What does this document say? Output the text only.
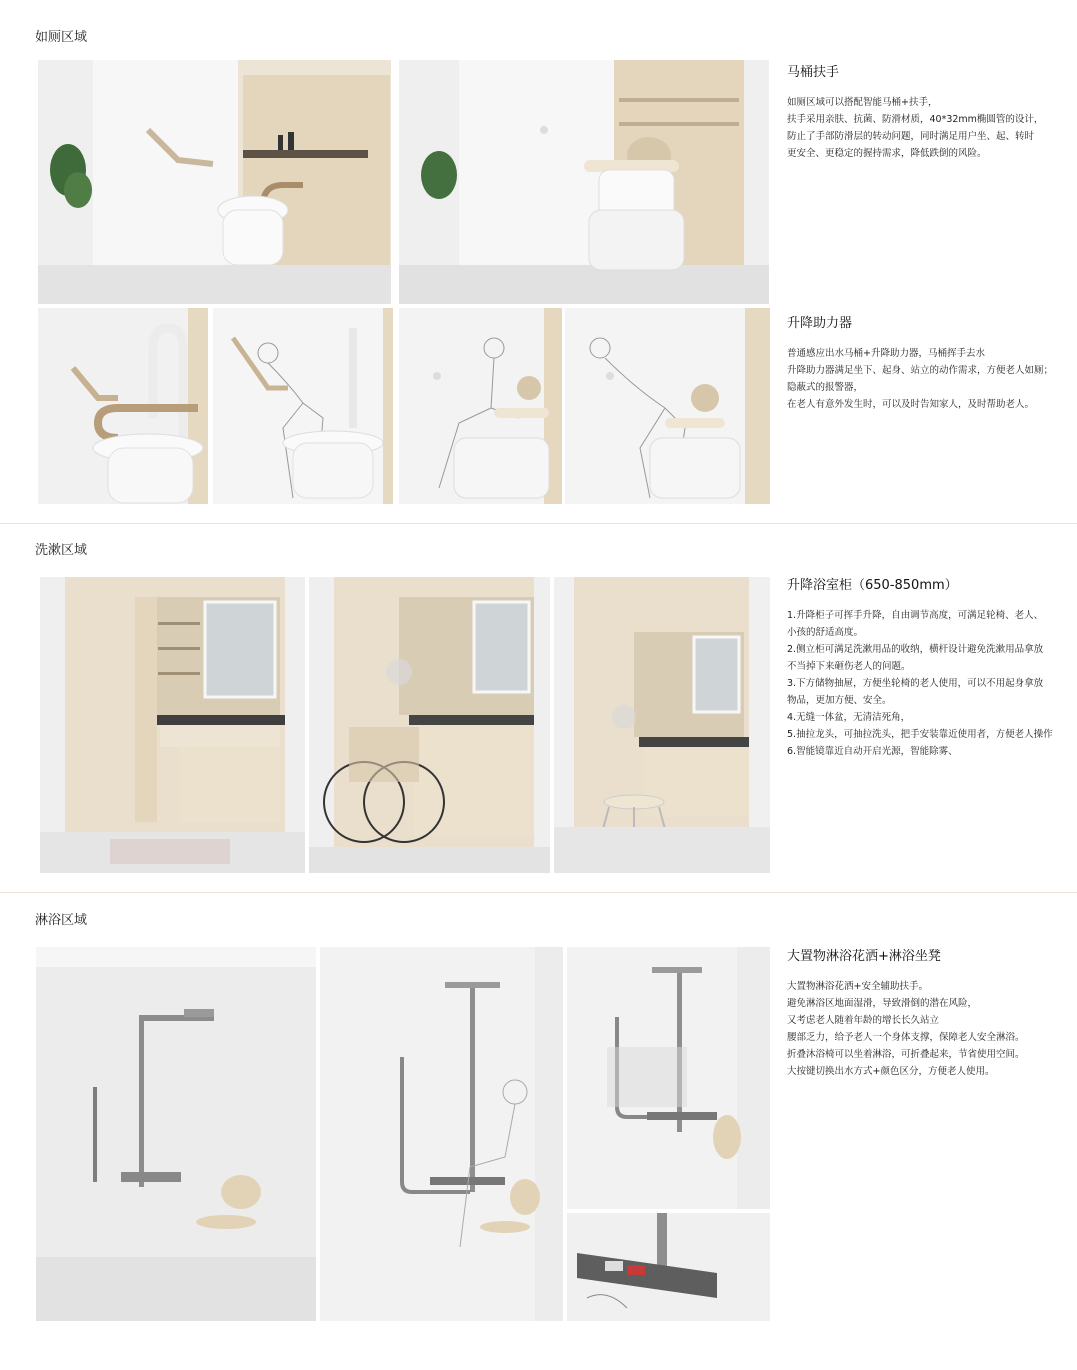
如厕区域
马桶扶手

如厕区域可以搭配智能马桶+扶手，

扶手采用亲肤、抗菌、防滑材质，40*32mm椭圆管的设计，

防止了手部防滑层的转动问题，同时满足用户坐、起、转时

更安全、更稳定的握持需求，降低跌倒的风险。

升降助力器

普通感应出水马桶+升降助力器，马桶挥手去水

升降助力器满足坐下、起身、站立的动作需求，方便老人如厕；

隐蔽式的报警器，

在老人有意外发生时，可以及时告知家人，及时帮助老人。

洗漱区域
升降浴室柜（650-850mm）

1.升降柜子可挥手升降，自由调节高度，可满足轮椅、老人、

小孩的舒适高度。

2.侧立柜可满足洗漱用品的收纳，横杆设计避免洗漱用品拿放

不当掉下来砸伤老人的问题。

3.下方储物抽屉，方便坐轮椅的老人使用，可以不用起身拿放

物品，更加方便、安全。

4.无缝一体盆，无清洁死角，

5.抽拉龙头，可抽拉洗头，把手安装靠近使用者，方便老人操作

6.智能镜靠近自动开启光源，智能除雾、

淋浴区域
大置物淋浴花洒+淋浴坐凳

大置物淋浴花洒+安全辅助扶手。

避免淋浴区地面湿滑，导致滑倒的潜在风险，

又考虑老人随着年龄的增长长久站立

腰部乏力，给予老人一个身体支撑，保障老人安全淋浴。

折叠沐浴椅可以坐着淋浴，可折叠起来，节省使用空间。

大按键切换出水方式+颜色区分，方便老人使用。
